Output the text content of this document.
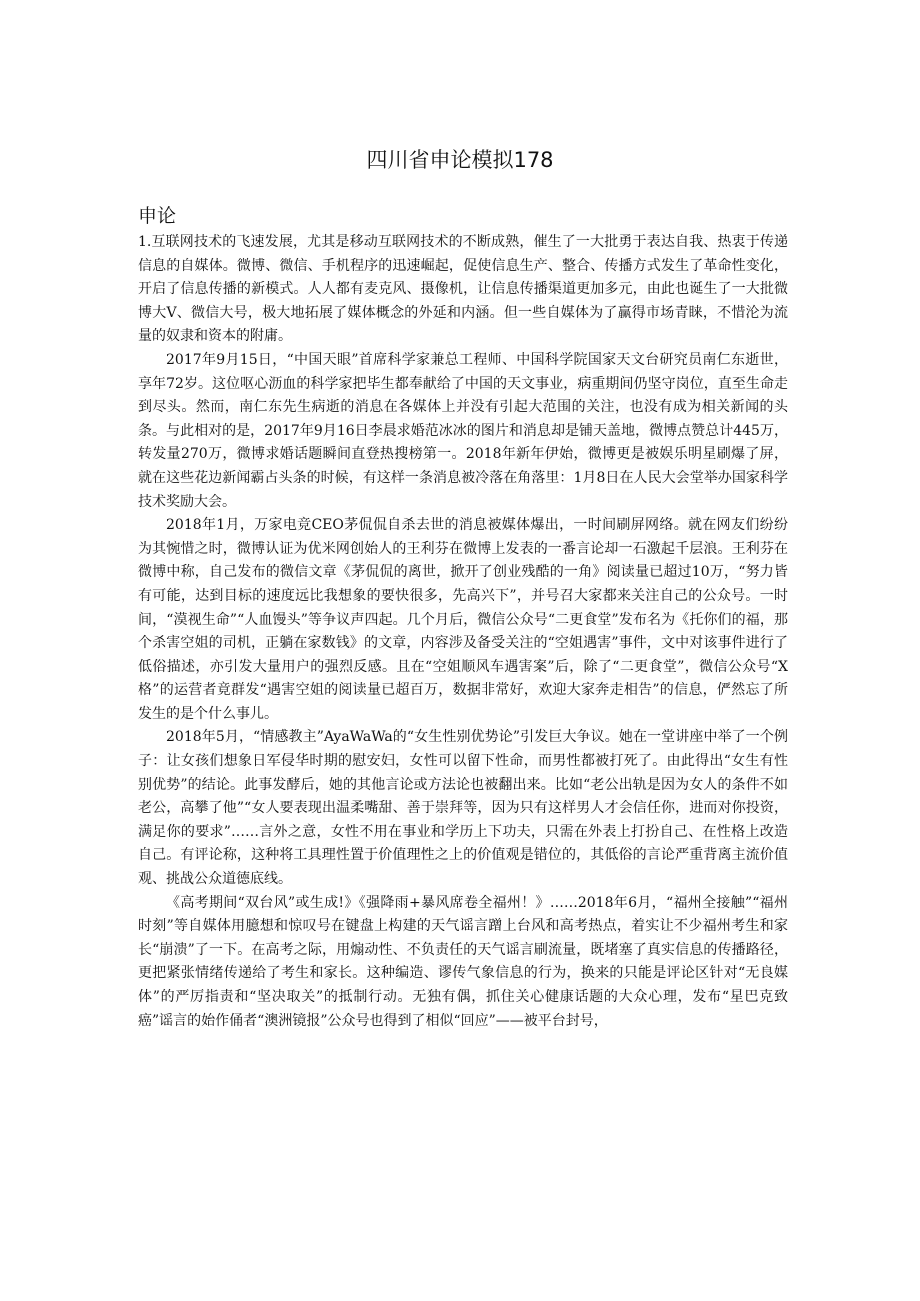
四川省申论模拟178
申论

1.互联网技术的飞速发展，尤其是移动互联网技术的不断成熟，催生了一大批勇于表达自我、热衷于传递信息的自媒体。微博、微信、手机程序的迅速崛起，促使信息生产、整合、传播方式发生了革命性变化，开启了信息传播的新模式。人人都有麦克风、摄像机，让信息传播渠道更加多元，由此也诞生了一大批微博大V、微信大号，极大地拓展了媒体概念的外延和内涵。但一些自媒体为了赢得市场青睐，不惜沦为流量的奴隶和资本的附庸。

2017年9月15日，“中国天眼”首席科学家兼总工程师、中国科学院国家天文台研究员南仁东逝世，享年72岁。这位呕心沥血的科学家把毕生都奉献给了中国的天文事业，病重期间仍坚守岗位，直至生命走到尽头。然而，南仁东先生病逝的消息在各媒体上并没有引起大范围的关注，也没有成为相关新闻的头条。与此相对的是，2017年9月16日李晨求婚范冰冰的图片和消息却是铺天盖地，微博点赞总计445万，转发量270万，微博求婚话题瞬间直登热搜榜第一。2018年新年伊始，微博更是被娱乐明星刷爆了屏，就在这些花边新闻霸占头条的时候，有这样一条消息被冷落在角落里：1月8日在人民大会堂举办国家科学技术奖励大会。

2018年1月，万家电竞CEO茅侃侃自杀去世的消息被媒体爆出，一时间刷屏网络。就在网友们纷纷为其惋惜之时，微博认证为优米网创始人的王利芬在微博上发表的一番言论却一石激起千层浪。王利芬在微博中称，自己发布的微信文章《茅侃侃的离世，掀开了创业残酷的一角》阅读量已超过10万，“努力皆有可能，达到目标的速度远比我想象的要快很多，先高兴下”，并号召大家都来关注自己的公众号。一时间，“漠视生命”“人血馒头”等争议声四起。几个月后，微信公众号“二更食堂”发布名为《托你们的福，那个杀害空姐的司机，正躺在家数钱》的文章，内容涉及备受关注的“空姐遇害”事件，文中对该事件进行了低俗描述，亦引发大量用户的强烈反感。且在“空姐顺风车遇害案”后，除了“二更食堂”，微信公众号“X格”的运营者竟群发“遇害空姐的阅读量已超百万，数据非常好，欢迎大家奔走相告”的信息，俨然忘了所发生的是个什么事儿。

2018年5月，“情感教主”AyaWaWa的“女生性别优势论”引发巨大争议。她在一堂讲座中举了一个例子：让女孩们想象日军侵华时期的慰安妇，女性可以留下性命，而男性都被打死了。由此得出“女生有性别优势”的结论。此事发酵后，她的其他言论或方法论也被翻出来。比如“老公出轨是因为女人的条件不如老公，高攀了他”“女人要表现出温柔嘴甜、善于崇拜等，因为只有这样男人才会信任你，进而对你投资，满足你的要求”……言外之意，女性不用在事业和学历上下功夫，只需在外表上打扮自己、在性格上改造自己。有评论称，这种将工具理性置于价值理性之上的价值观是错位的，其低俗的言论严重背离主流价值观、挑战公众道德底线。

《高考期间“双台风”或生成!》《强降雨+暴风席卷全福州！》……2018年6月，“福州全接触”“福州时刻”等自媒体用臆想和惊叹号在键盘上构建的天气谣言蹭上台风和高考热点，着实让不少福州考生和家长“崩溃”了一下。在高考之际，用煽动性、不负责任的天气谣言刷流量，既堵塞了真实信息的传播路径，更把紧张情绪传递给了考生和家长。这种编造、谬传气象信息的行为，换来的只能是评论区针对“无良媒体”的严厉指责和“坚决取关”的抵制行动。无独有偶，抓住关心健康话题的大众心理，发布“星巴克致癌”谣言的始作俑者“澳洲镜报”公众号也得到了相似“回应”——被平台封号，
